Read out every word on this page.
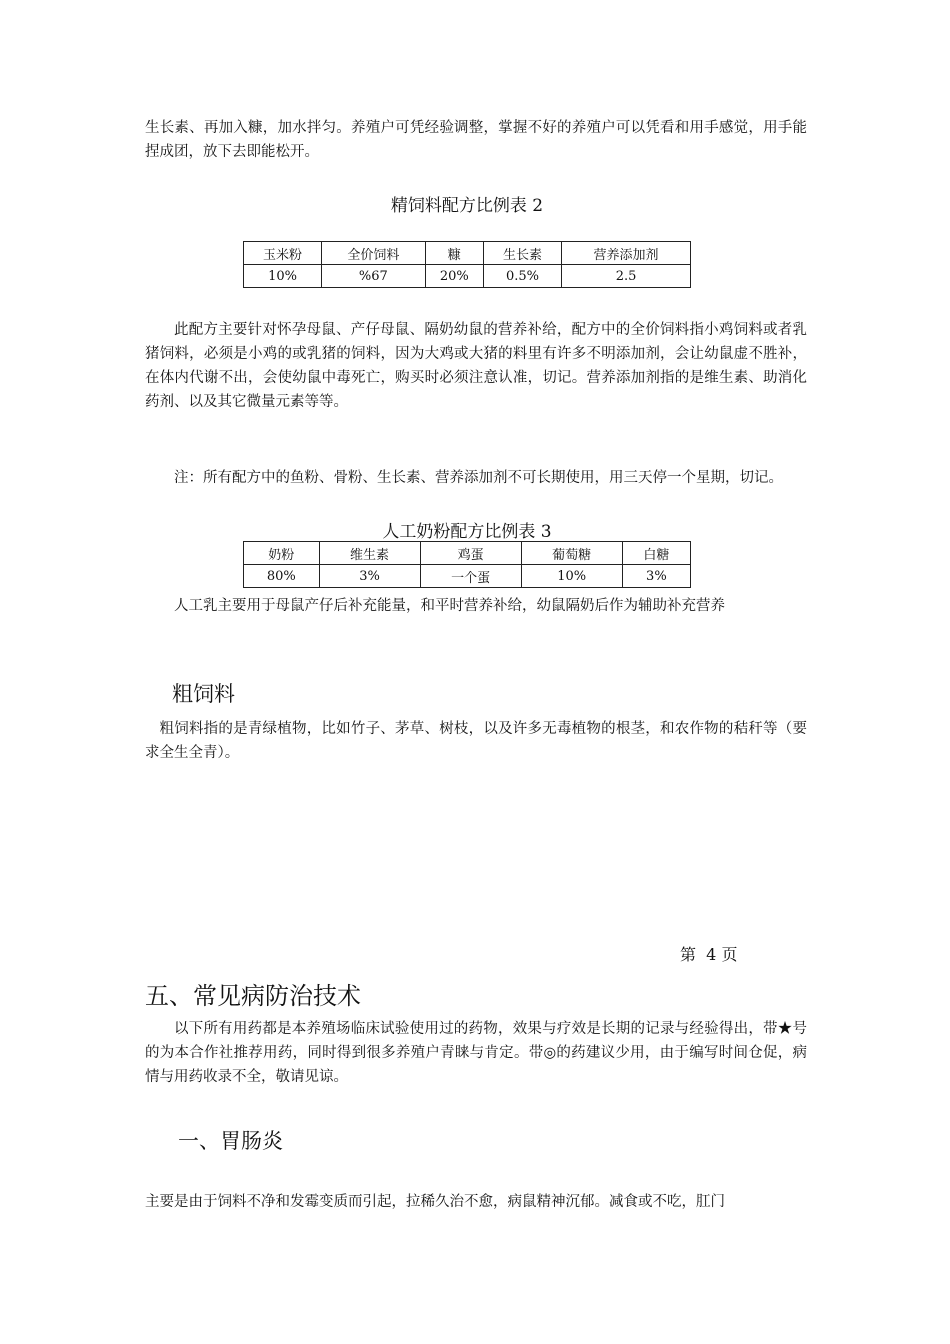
生长素、再加入糠，加水拌匀。养殖户可凭经验调整，掌握不好的养殖户可以凭看和用手感觉，用手能捏成团，放下去即能松开。
精饲料配方比例表 2
玉米粉	全价饲料	糠	生长素	营养添加剂
10%	%67	20%	0.5%	2.5
此配方主要针对怀孕母鼠、产仔母鼠、隔奶幼鼠的营养补给，配方中的全价饲料指小鸡饲料或者乳猪饲料，必须是小鸡的或乳猪的饲料，因为大鸡或大猪的料里有许多不明添加剂，会让幼鼠虚不胜补，在体内代谢不出，会使幼鼠中毒死亡，购买时必须注意认准，切记。营养添加剂指的是维生素、助消化药剂、以及其它微量元素等等。
注：所有配方中的鱼粉、骨粉、生长素、营养添加剂不可长期使用，用三天停一个星期，切记。
人工奶粉配方比例表 3
奶粉	维生素	鸡蛋	葡萄糖	白糖
80%	3%	一个蛋	10%	3%
人工乳主要用于母鼠产仔后补充能量，和平时营养补给，幼鼠隔奶后作为辅助补充营养
粗饲料
粗饲料指的是青绿植物，比如竹子、茅草、树枝，以及许多无毒植物的根茎，和农作物的秸秆等（要求全生全青）。
第  4 页
五、常见病防治技术
以下所有用药都是本养殖场临床试验使用过的药物，效果与疗效是长期的记录与经验得出，带★号的为本合作社推荐用药，同时得到很多养殖户青睐与肯定。带◎的药建议少用，由于编写时间仓促，病情与用药收录不全，敬请见谅。
一、胃肠炎
主要是由于饲料不净和发霉变质而引起，拉稀久治不愈，病鼠精神沉郁。减食或不吃，肛门
